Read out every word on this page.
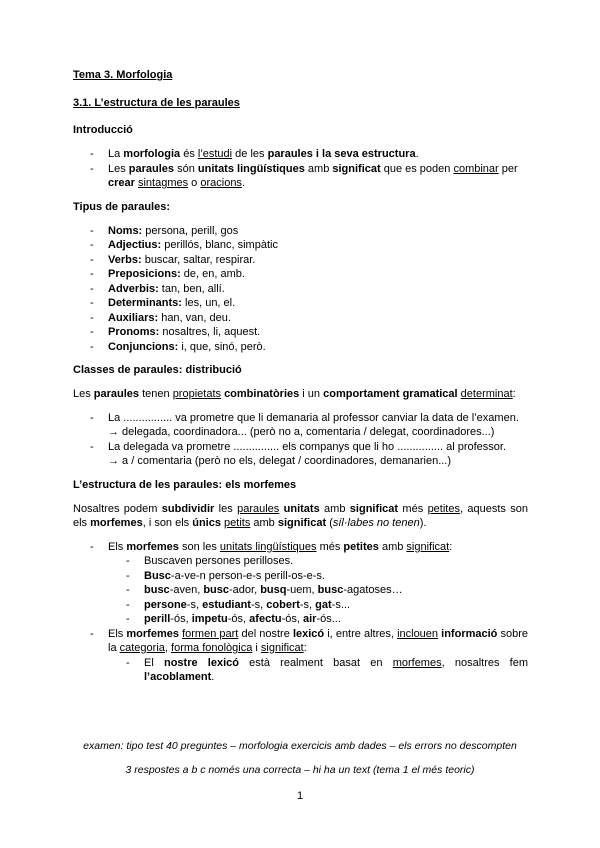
Tema 3. Morfologia

3.1. L’estructura de les paraules

Introducció

- La morfologia és l’estudi de les paraules i la seva estructura.
- Les paraules són unitats lingüístiques amb significat que es poden combinar per crear sintagmes o oracions.

Tipus de paraules:

- Noms: persona, perill, gos
- Adjectius: perillós, blanc, simpàtic
- Verbs: buscar, saltar, respirar.
- Preposicions: de, en, amb.
- Adverbis: tan, ben, allí.
- Determinants: les, un, el.
- Auxiliars: han, van, deu.
- Pronoms: nosaltres, li, aquest.
- Conjuncions: i, que, sinó, però.

Classes de paraules: distribució

Les paraules tenen propietats combinatòries i un comportament gramatical determinat:

- La ................ va prometre que li demanaria al professor canviar la data de l’examen.
→ delegada, coordinadora... (però no a, comentaria / delegat, coordinadores...)
- La delegada va prometre ............... els companys que li ho ............... al professor.
→ a / comentaria (però no els, delegat / coordinadores, demanarien...)

L’estructura de les paraules: els morfemes

Nosaltres podem subdividir les paraules unitats amb significat més petites, aquests son els morfemes, i son els únics petits amb significat (síl·labes no tenen).

- Els morfemes son les unitats lingüístiques més petites amb significat:
- Buscaven persones perilloses.
- Busc-a-ve-n person-e-s perill-os-e-s.
- busc-aven, busc-ador, busq-uem, busc-agatoses…
- persone-s, estudiant-s, cobert-s, gat-s...
- perill-ós, impetu-ós, afectu-ós, air-ós...
- Els morfemes formen part del nostre lexicó i, entre altres, inclouen informació sobre la categoria, forma fonològica i significat:
- El nostre lexicó està realment basat en morfemes, nosaltres fem l’acoblament.
examen: tipo test 40 preguntes – morfologia exercicis amb dades – els errors no descompten
3 respostes a b c només una correcta – hi ha un text (tema 1 el més teoric)
1
